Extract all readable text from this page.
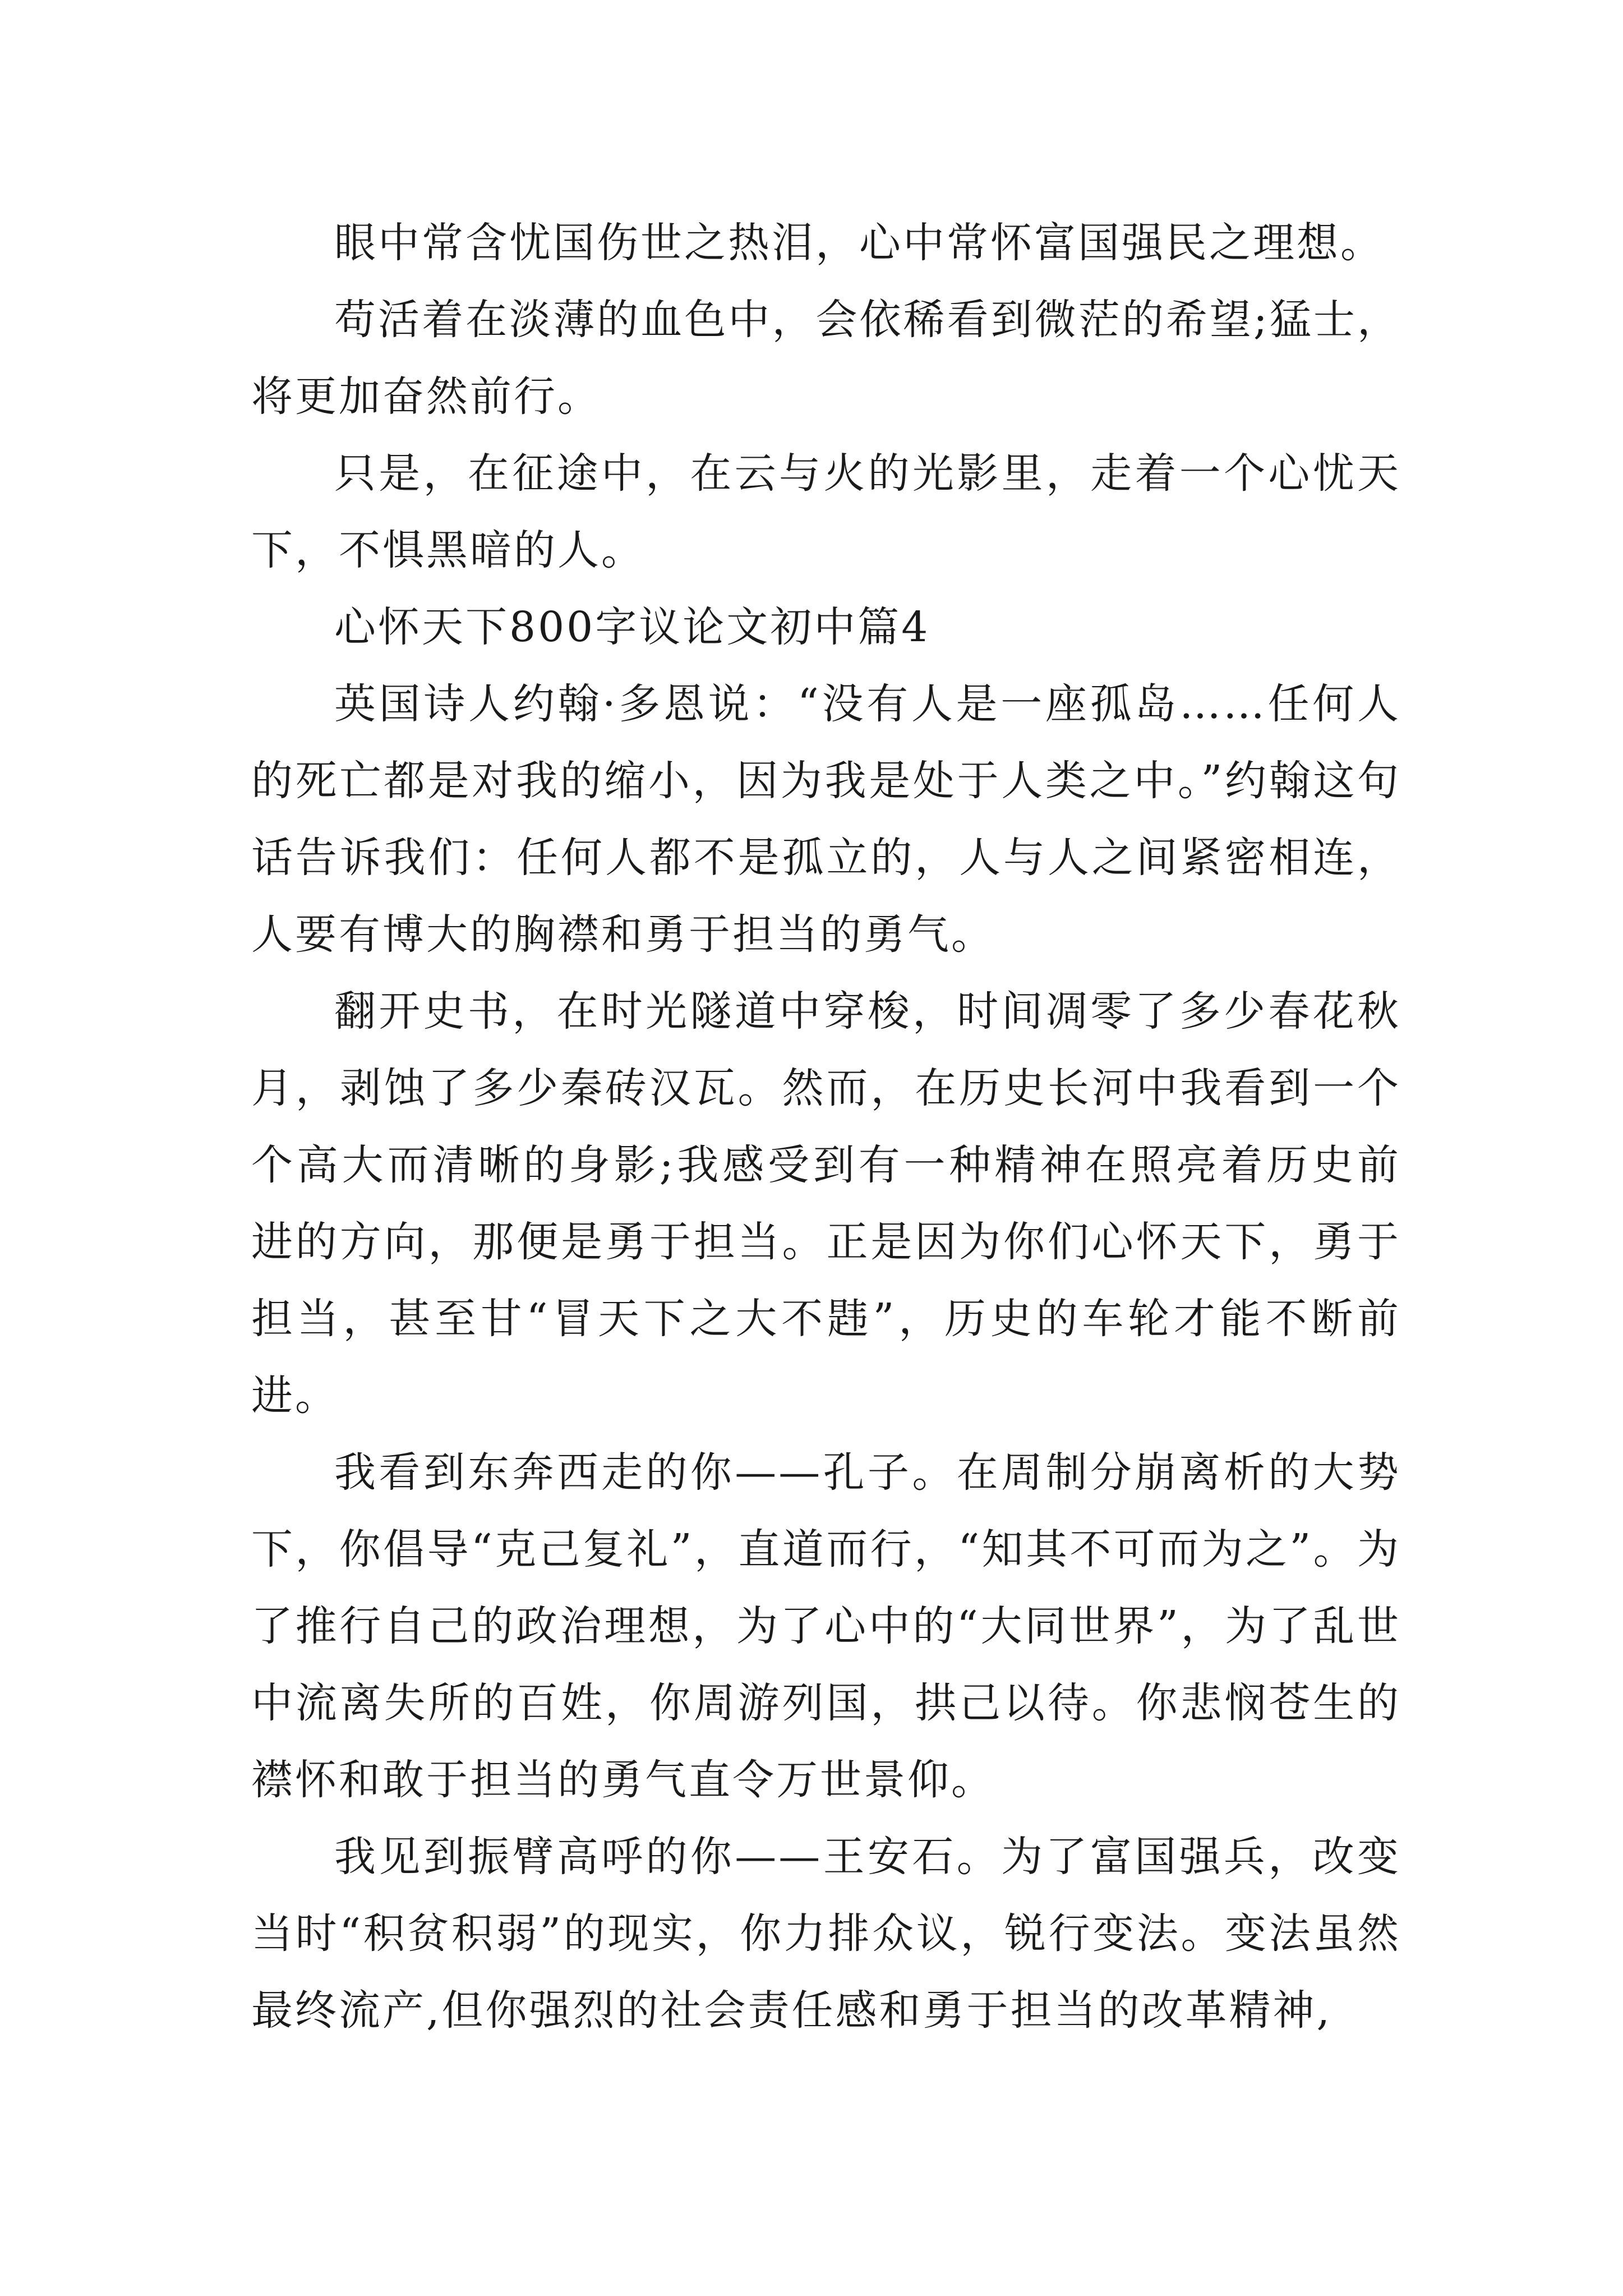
眼中常含忧国伤世之热泪，心中常怀富国强民之理想。

苟活着在淡薄的血色中，会依稀看到微茫的希望;猛士，将更加奋然前行。

只是，在征途中，在云与火的光影里，走着一个心忧天下，不惧黑暗的人。

心怀天下800字议论文初中篇4

英国诗人约翰·多恩说：“没有人是一座孤岛……任何人的死亡都是对我的缩小，因为我是处于人类之中。”约翰这句话告诉我们：任何人都不是孤立的，人与人之间紧密相连，人要有博大的胸襟和勇于担当的勇气。

翻开史书，在时光隧道中穿梭，时间凋零了多少春花秋月，剥蚀了多少秦砖汉瓦。然而，在历史长河中我看到一个个高大而清晰的身影;我感受到有一种精神在照亮着历史前进的方向，那便是勇于担当。正是因为你们心怀天下，勇于担当，甚至甘“冒天下之大不韪”，历史的车轮才能不断前进。

我看到东奔西走的你——孔子。在周制分崩离析的大势下，你倡导“克己复礼”，直道而行，“知其不可而为之”。为了推行自己的政治理想，为了心中的“大同世界”，为了乱世中流离失所的百姓，你周游列国，拱己以待。你悲悯苍生的襟怀和敢于担当的勇气直令万世景仰。

我见到振臂高呼的你——王安石。为了富国强兵，改变当时“积贫积弱”的现实，你力排众议，锐行变法。变法虽然最终流产,但你强烈的社会责任感和勇于担当的改革精神,
